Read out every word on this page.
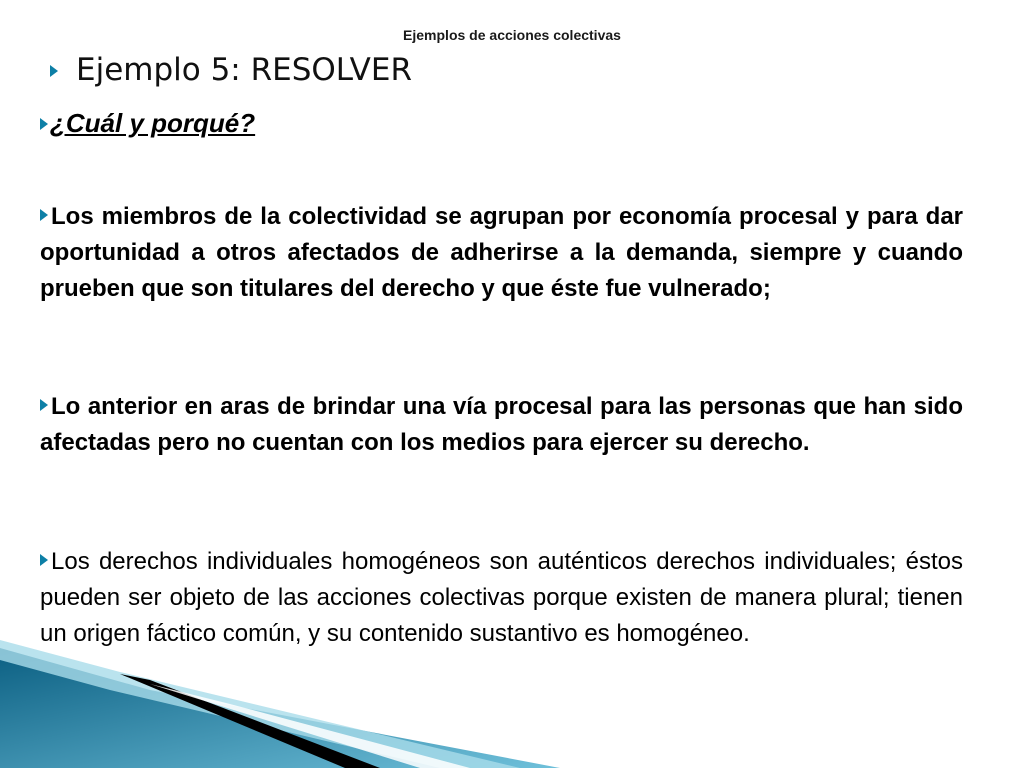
Ejemplos de acciones colectivas
Ejemplo 5: RESOLVER
¿Cuál y porqué?
Los miembros de la colectividad se agrupan por economía procesal y para dar oportunidad a otros afectados de adherirse a la demanda, siempre y cuando prueben que son titulares del derecho y que éste fue vulnerado;
Lo anterior en aras de brindar una vía procesal para las personas que han sido afectadas pero no cuentan con los medios para ejercer su derecho.
Los derechos individuales homogéneos son auténticos derechos individuales; éstos pueden ser objeto de las acciones colectivas porque existen de manera plural; tienen un origen fáctico común, y su contenido sustantivo es homogéneo.
